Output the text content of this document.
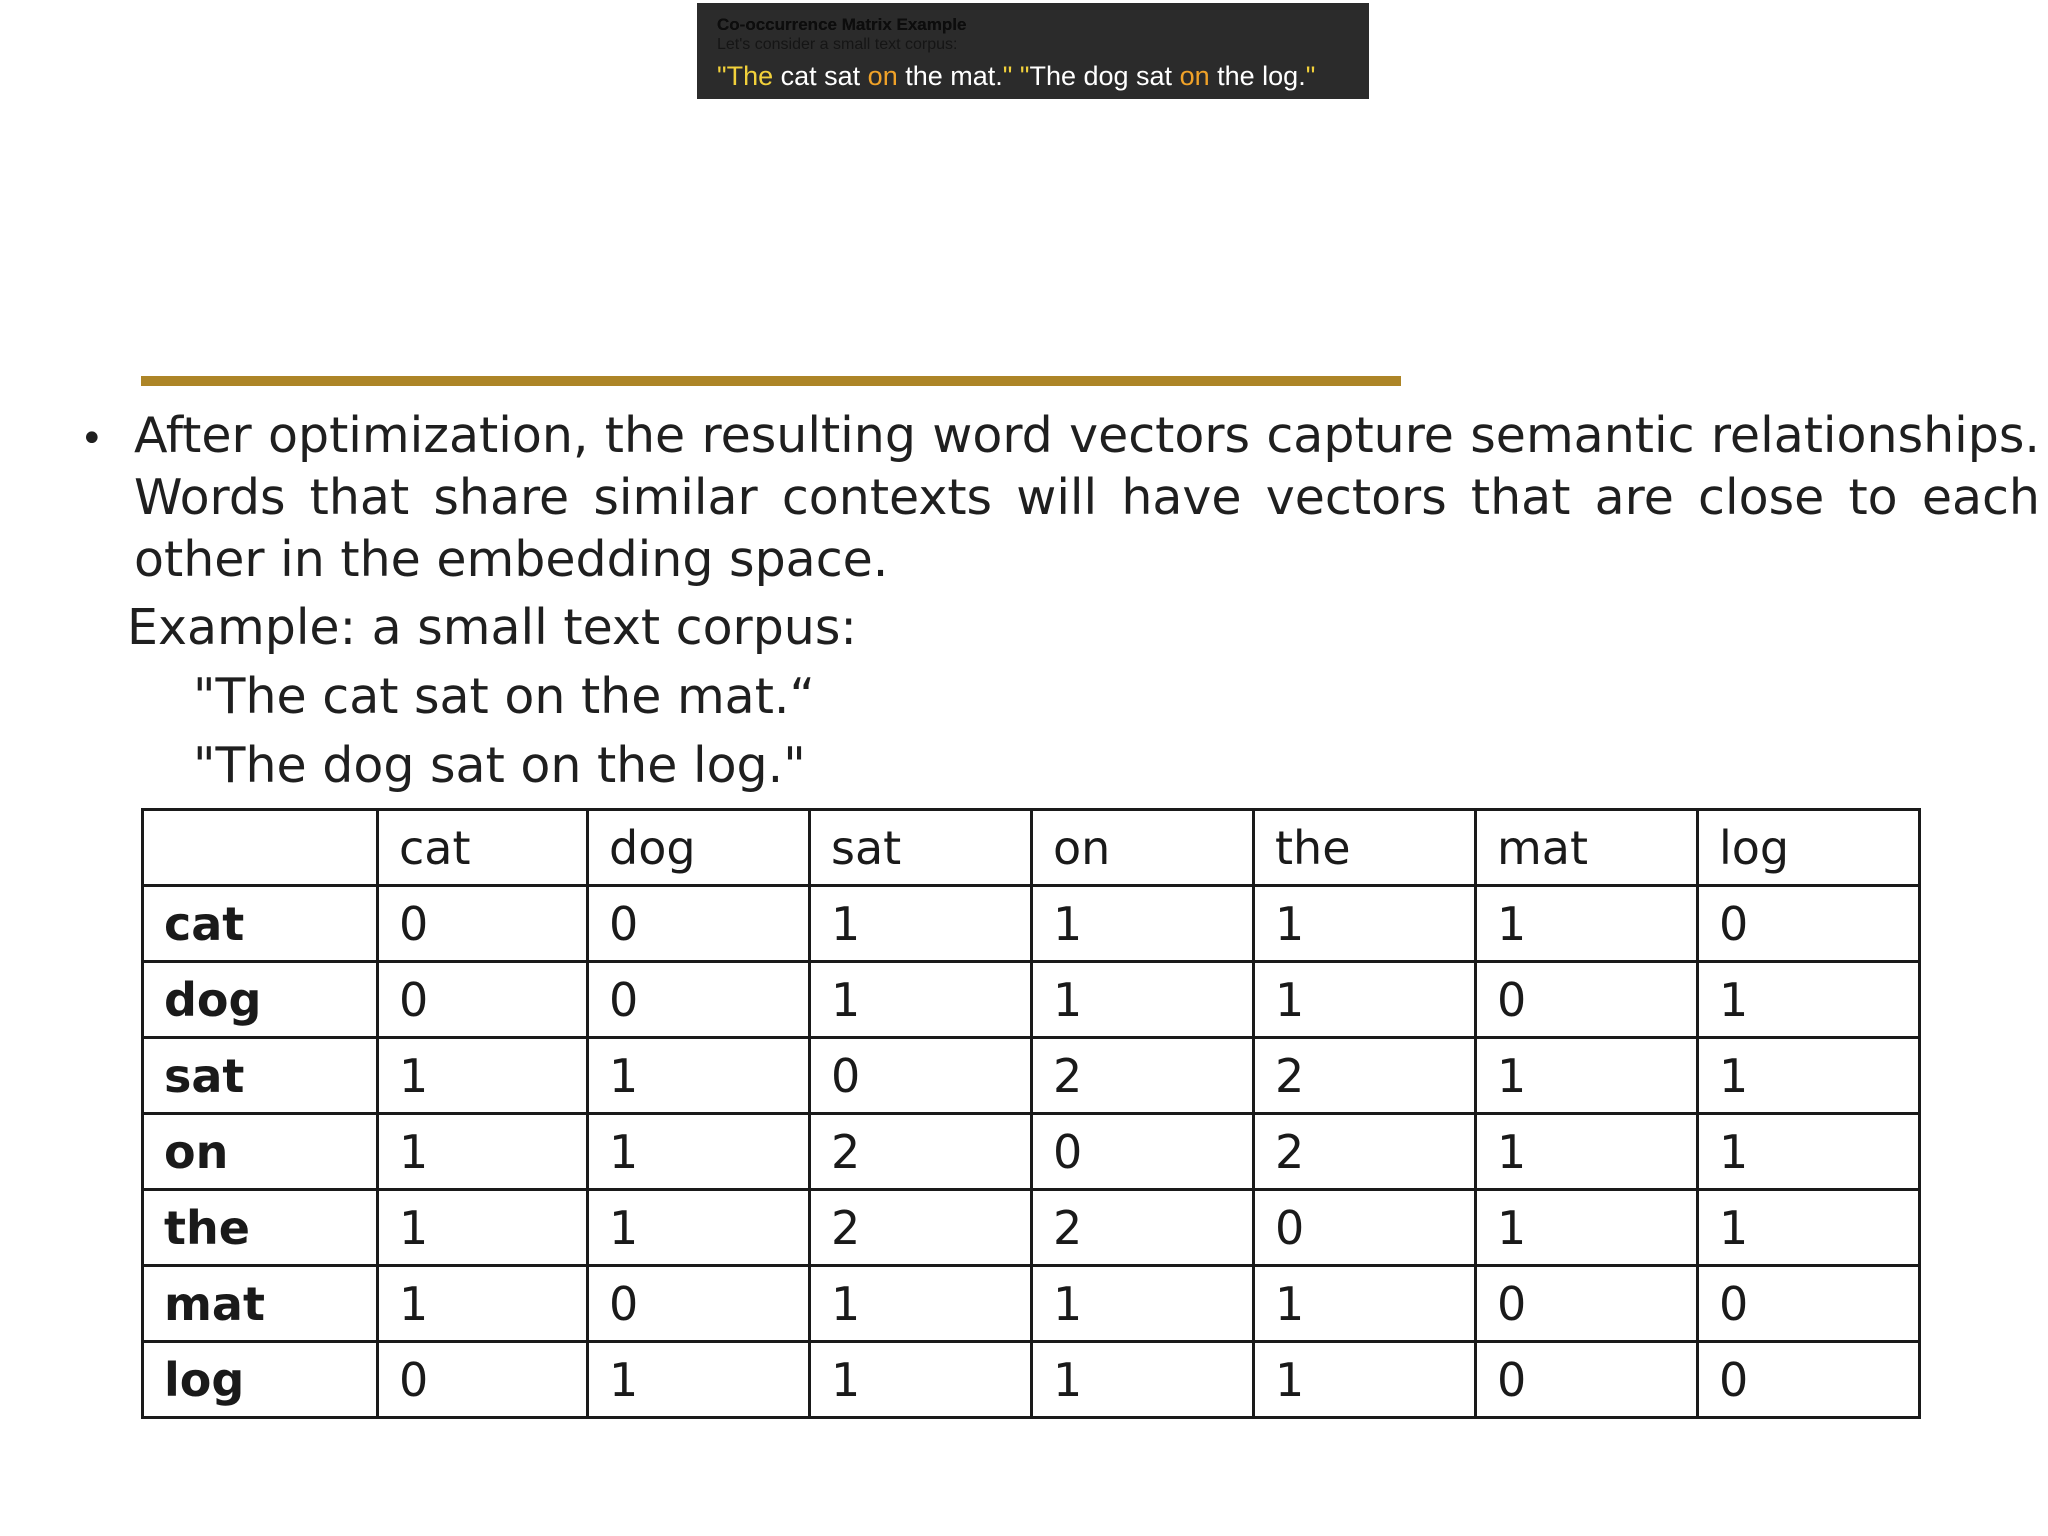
Co-occurrence Matrix Example
Let's consider a small text corpus:
"The cat sat on the mat." "The dog sat on the log."
• After optimization, the resulting word vectors capture semantic relationships. Words that share similar contexts will have vectors that are close to each other in the embedding space.
Example: a small text corpus:
"The cat sat on the mat.“
"The dog sat on the log."
	cat	dog	sat	on	the	mat	log
cat	0	0	1	1	1	1	0
dog	0	0	1	1	1	0	1
sat	1	1	0	2	2	1	1
on	1	1	2	0	2	1	1
the	1	1	2	2	0	1	1
mat	1	0	1	1	1	0	0
log	0	1	1	1	1	0	0
